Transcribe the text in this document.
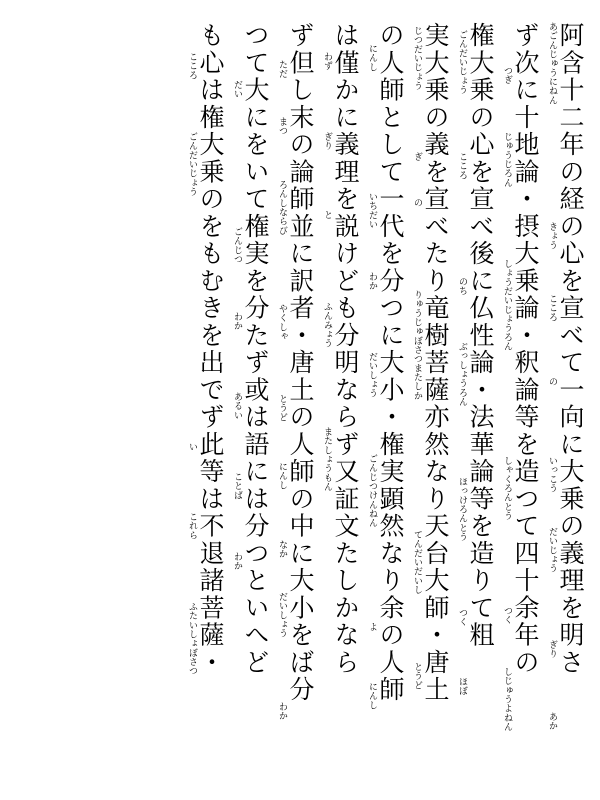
阿含十二年の経の心を宣べて一向に大乗の義理を明さ
あごんじゅうにねん
きょう
こころ
の
いっこう
だいじょう
ぎり
あか
ず次に十地論・摂大乗論・釈論等を造つて四十余年の
つぎ
じゅうじろん
しょうだいじょうろん
しゃくろんとう
つく
しじゅうよねん
権大乗の心を宣べ後に仏性論・法華論等を造りて粗
ごんだいじょう
こころ
のち
ぶっしょうろん
ほっけろんとう
つく
ほぼ
実大乗の義を宣べたり竜樹菩薩亦然なり天台大師・唐土
じつだいじょう
ぎ
の
りゅうじゅぼさつまたしか
てんだいだいし
とうど
の人師として一代を分つに大小・権実顕然なり余の人師
にんし
いちだい
わか
だいしょう
ごんじつけんねん
よ
にんし
は僅かに義理を説けども分明ならず又証文たしかなら
わず
ぎり
と
ふんみょう
またしょうもん
ず但し末の論師並に訳者・唐土の人師の中に大小をば分
ただ
まつ
ろんしならび
やくしゃ
とうど
にんし
なか
だいしょう
わか
つて大にをいて権実を分たず或は語には分つといへど
だい
ごんじつ
わか
あるい
ことば
わか
も心は権大乗のをもむきを出でず此等は不退諸菩薩・
こころ
ごんだいじょう
い
これら
ふたいしょぼさつ
